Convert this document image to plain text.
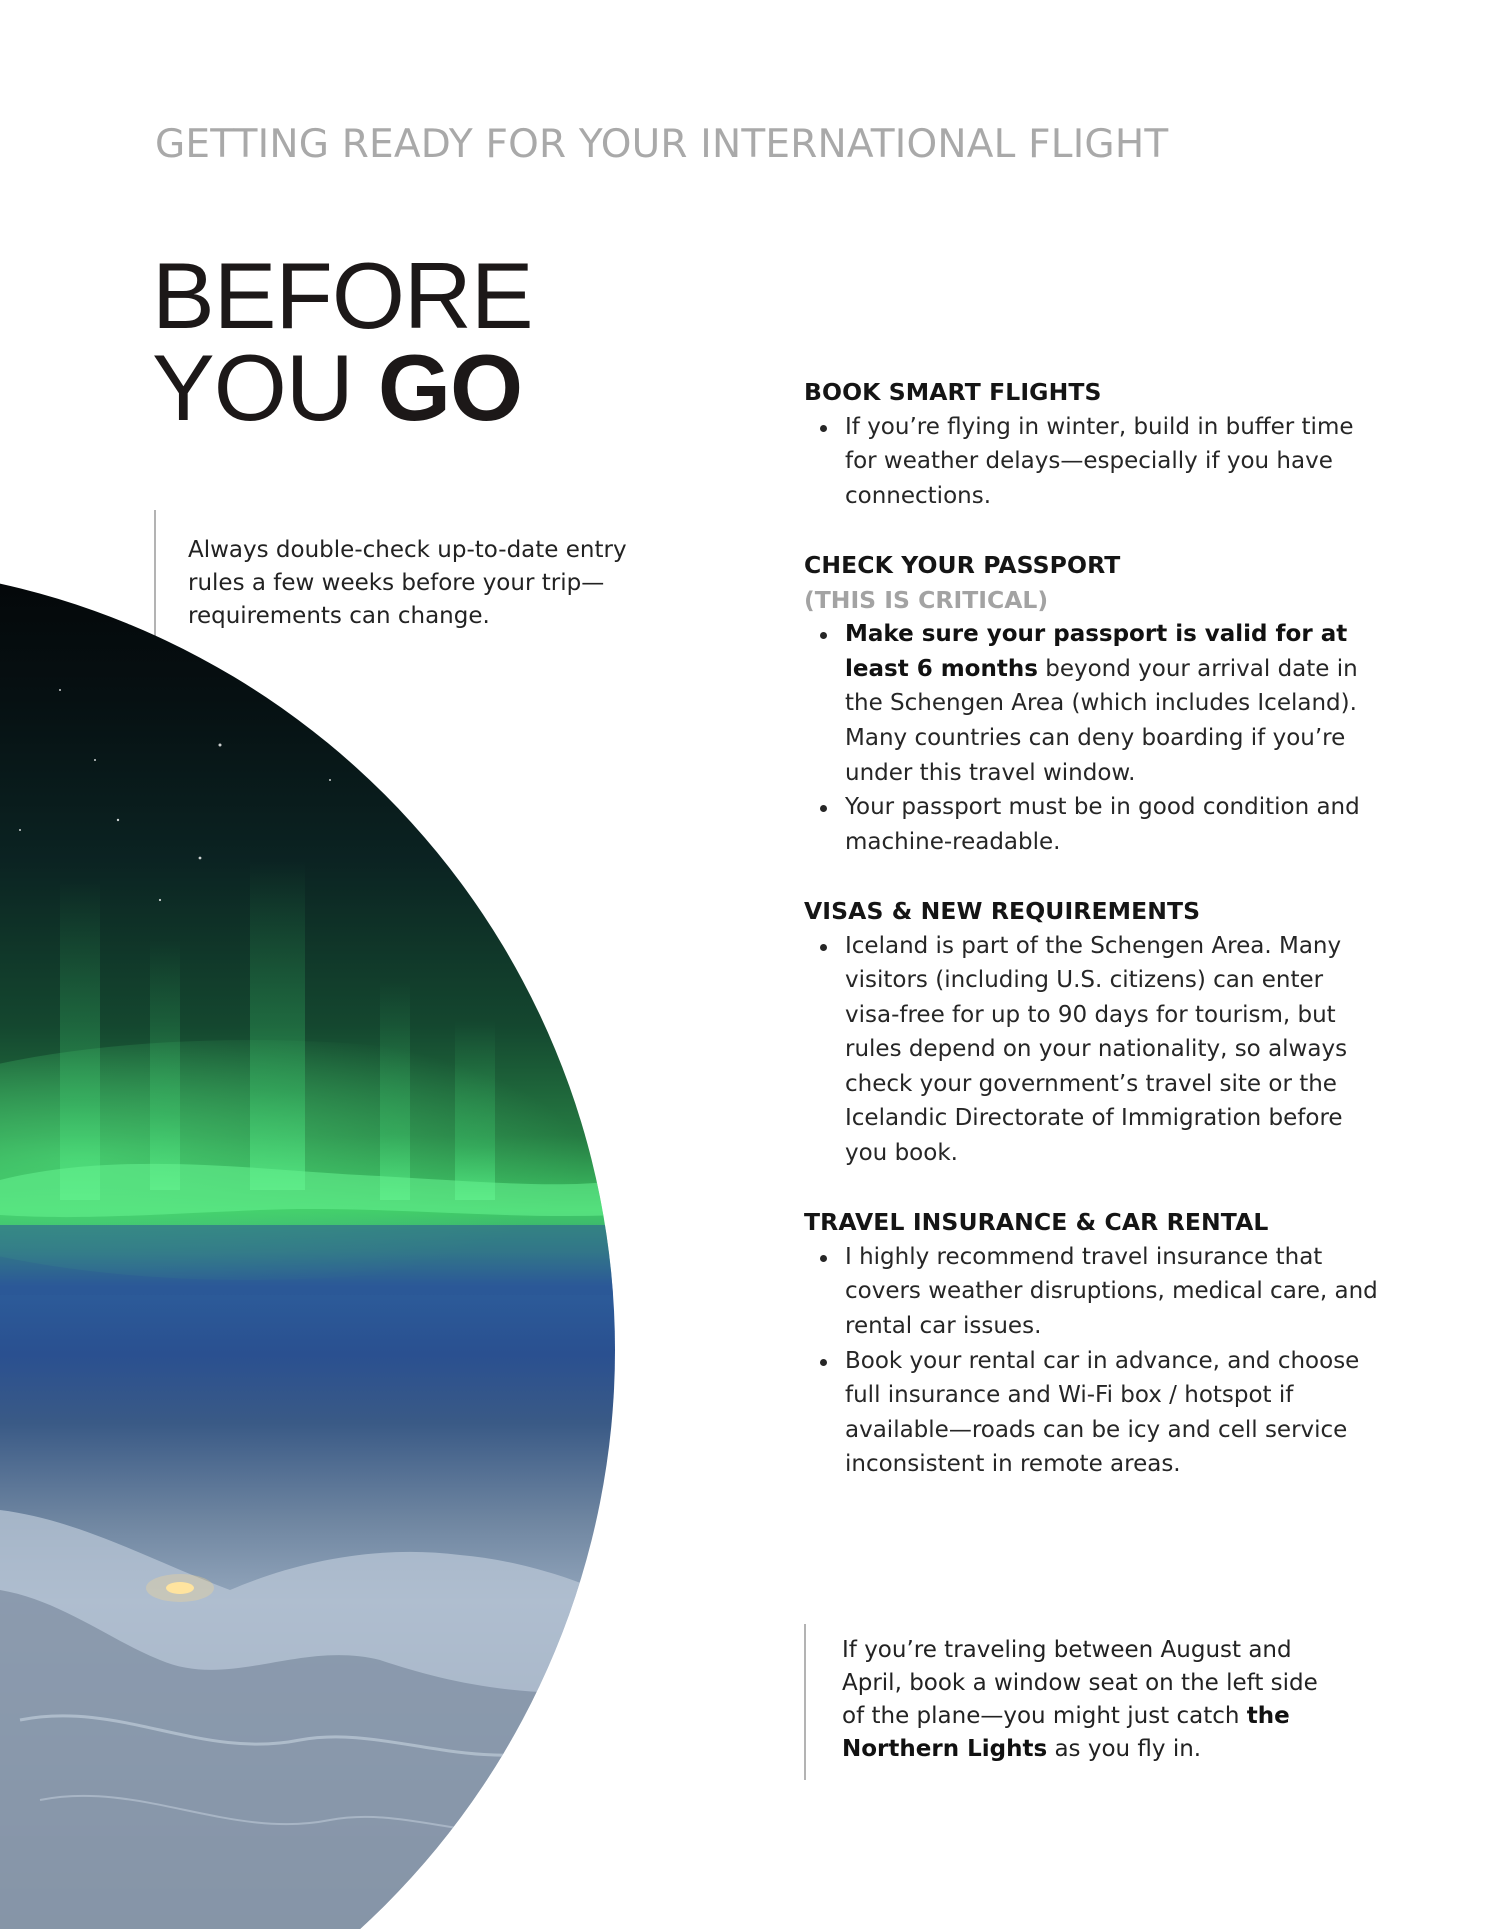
GETTING READY FOR YOUR INTERNATIONAL FLIGHT
BEFORE
YOU GO

Always double-check up-to-date entry rules a few weeks before your trip—requirements can change.

BOOK SMART FLIGHTS
If you’re flying in winter, build in buffer time for weather delays—especially if you have connections.
CHECK YOUR PASSPORT

(THIS IS CRITICAL)

Make sure your passport is valid for at least 6 months beyond your arrival date in the Schengen Area (which includes Iceland). Many countries can deny boarding if you’re under this travel window.
Your passport must be in good condition and machine-readable.
VISAS & NEW REQUIREMENTS
Iceland is part of the Schengen Area. Many visitors (including U.S. citizens) can enter visa-free for up to 90 days for tourism, but rules depend on your nationality, so always check your government’s travel site or the Icelandic Directorate of Immigration before you book.
TRAVEL INSURANCE & CAR RENTAL
I highly recommend travel insurance that covers weather disruptions, medical care, and rental car issues.
Book your rental car in advance, and choose full insurance and Wi-Fi box / hotspot if available—roads can be icy and cell service inconsistent in remote areas.

If you’re traveling between August and April, book a window seat on the left side of the plane—you might just catch the Northern Lights as you fly in.
